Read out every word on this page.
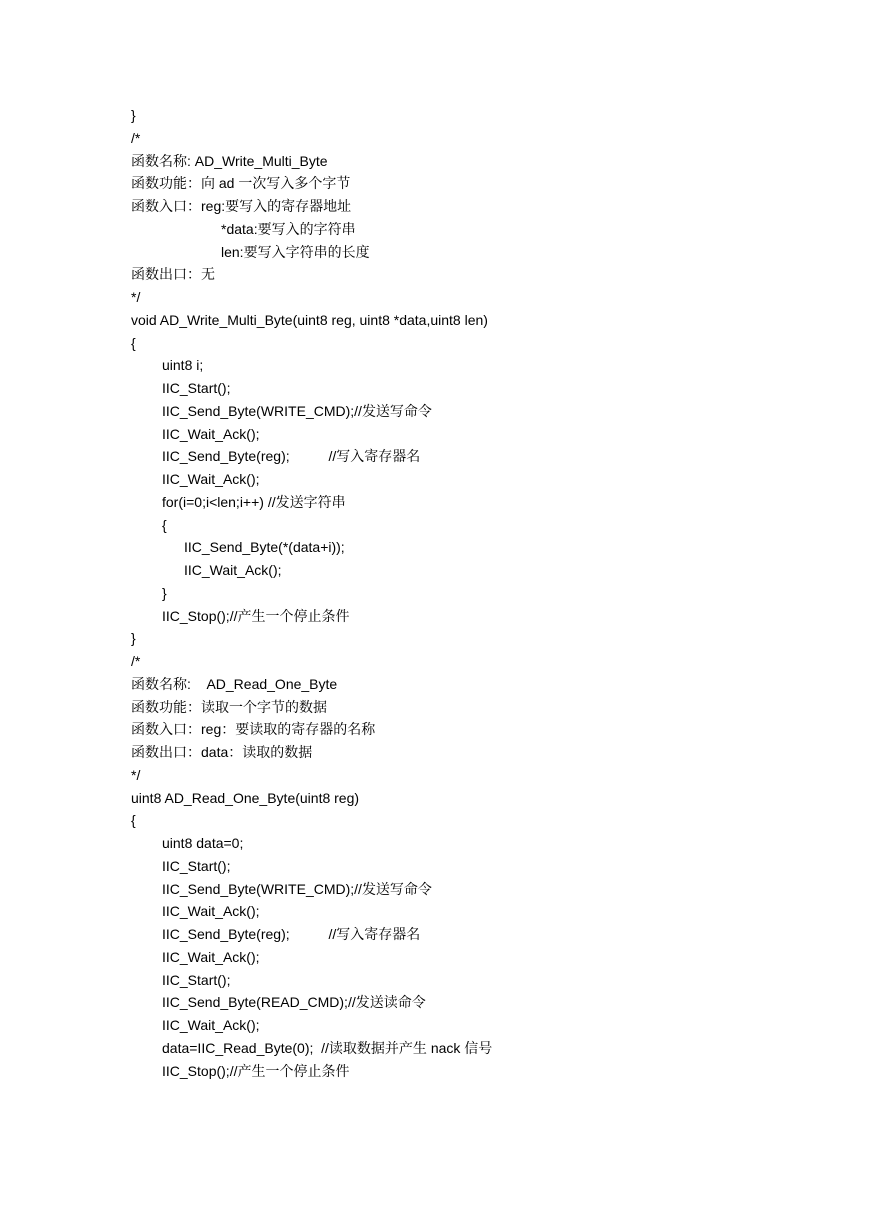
}
/*
函数名称: AD_Write_Multi_Byte
函数功能：向 ad 一次写入多个字节
函数入口：reg:要写入的寄存器地址
*data:要写入的字符串
len:要写入字符串的长度
函数出口：无
*/
void AD_Write_Multi_Byte(uint8 reg, uint8 *data,uint8 len)
{
uint8 i;
IIC_Start();
IIC_Send_Byte(WRITE_CMD);//发送写命令
IIC_Wait_Ack();
IIC_Send_Byte(reg);          //写入寄存器名
IIC_Wait_Ack();
for(i=0;i<len;i++) //发送字符串
{
IIC_Send_Byte(*(data+i));
IIC_Wait_Ack();
}
IIC_Stop();//产生一个停止条件
}
/*
函数名称:    AD_Read_One_Byte
函数功能：读取一个字节的数据
函数入口：reg：要读取的寄存器的名称
函数出口：data：读取的数据
*/
uint8 AD_Read_One_Byte(uint8 reg)
{
uint8 data=0;
IIC_Start();
IIC_Send_Byte(WRITE_CMD);//发送写命令
IIC_Wait_Ack();
IIC_Send_Byte(reg);          //写入寄存器名
IIC_Wait_Ack();
IIC_Start();
IIC_Send_Byte(READ_CMD);//发送读命令
IIC_Wait_Ack();
data=IIC_Read_Byte(0);  //读取数据并产生 nack 信号
IIC_Stop();//产生一个停止条件
